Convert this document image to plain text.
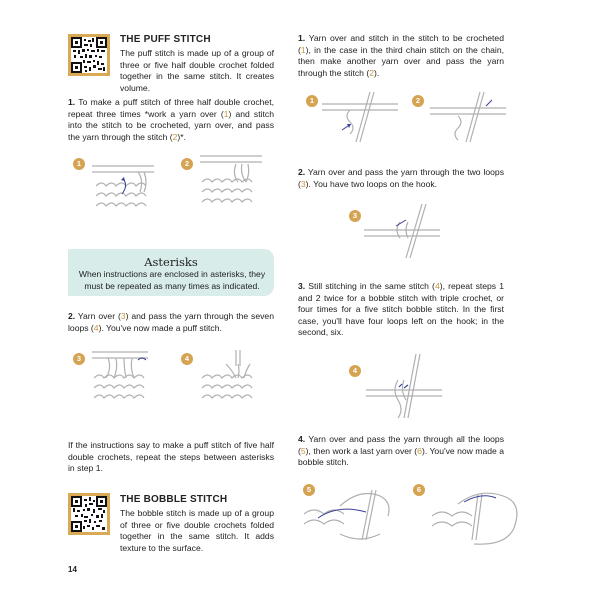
THE PUFF STITCH
The puff stitch is made up of a group of three or five half double crochet folded together in the same stitch. It creates volume.
1. To make a puff stitch of three half double crochet, repeat three times *work a yarn over (1) and stitch into the stitch to be crocheted, yarn over, and pass the yarn through the stitch (2)*.
1	2
Asterisks
When instructions are enclosed in asterisks, they must be repeated as many times as indicated.
2. Yarn over (3) and pass the yarn through the seven loops (4). You've now made a puff stitch.
3	4
If the instructions say to make a puff stitch of five half double crochets, repeat the steps between asterisks in step 1.
THE BOBBLE STITCH
The bobble stitch is made up of a group of three or five double crochets folded together in the same stitch. It adds texture to the surface.
14
1. Yarn over and stitch in the stitch to be crocheted (1), in the case in the third chain stitch on the chain, then make another yarn over and pass the yarn through the stitch (2).
1	2
2. Yarn over and pass the yarn through the two loops (3). You have two loops on the hook.
3
3. Still stitching in the same stitch (4), repeat steps 1 and 2 twice for a bobble stitch with triple crochet, or four times for a five stitch bobble stitch. In the first case, you'll have four loops left on the hook; in the second, six.
4
4. Yarn over and pass the yarn through all the loops (5), then work a last yarn over (6). You've now made a bobble stitch.
5	6
